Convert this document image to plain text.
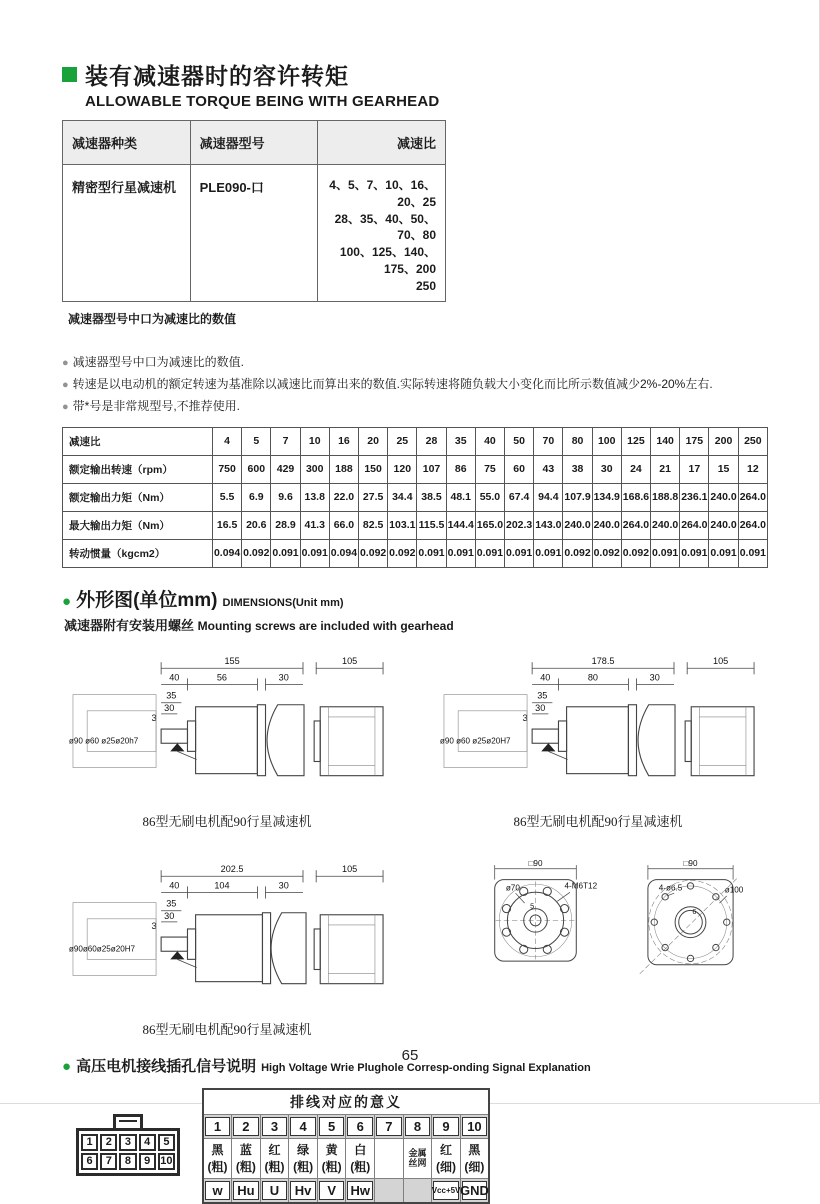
装有减速器时的容许转矩
ALLOWABLE TORQUE BEING WITH GEARHEAD
减速器种类	减速器型号	减速比
精密型行星减速机	PLE090-口	4、5、7、10、16、20、25
28、35、40、50、70、80
100、125、140、175、200
250
减速器型号中口为减速比的数值
● 减速器型号中口为减速比的数值.
● 转速是以电动机的额定转速为基准除以减速比而算出来的数值.实际转速将随负载大小变化而比所示数值减少2%-20%左右.
● 带*号是非常规型号,不推荐使用.
减速比	4	5	7	10	16	20	25	28	35	40	50	70	80	100	125	140	175	200	250
额定输出转速（rpm）	750	600	429	300	188	150	120	107	86	75	60	43	38	30	24	21	17	15	12
额定输出力矩（Nm）	5.5	6.9	9.6	13.8	22.0	27.5	34.4	38.5	48.1	55.0	67.4	94.4	107.9	134.9	168.6	188.8	236.1	240.0	264.0
最大输出力矩（Nm）	16.5	20.6	28.9	41.3	66.0	82.5	103.1	115.5	144.4	165.0	202.3	143.0	240.0	240.0	264.0	240.0	264.0	240.0	264.0
转动惯量（kgcm2）	0.094	0.092	0.091	0.091	0.094	0.092	0.092	0.091	0.091	0.091	0.091	0.091	0.092	0.092	0.092	0.091	0.091	0.091	0.091
● 外形图(单位mm) DIMENSIONS(Unit mm)
减速器附有安装用螺丝 Mounting screws are included with gearhead
155	105
40	56	30
35
30
3
ø90 ø60 ø25ø20h7
86型无刷电机配90行星减速机
178.5	105
40	80	30
35
30
3
ø90 ø60 ø25ø20H7
86型无刷电机配90行星减速机
202.5	105
40	104	30
35
30
3
ø90ø60ø25ø20H7
86型无刷电机配90行星减速机
□90
ø70	4-M6T12
5
□90
4-ø6.5	ø100
6
● 高压电机接线插孔信号说明 High Voltage Wrie Plughole Corresp-onding Signal Explanation
1	2	3	4	5
6	7	8	9 10
排线对应的意义									

1	2	3	4	5	6	7	8	9	10

黑(粗)	蓝(粗)	红(粗)	绿(粗)	黄(粗)	白(粗)		金属丝网	红(细)	黑(细)

w	Hu	U	Hv	V	Hw			Vcc+5V	GND
65
